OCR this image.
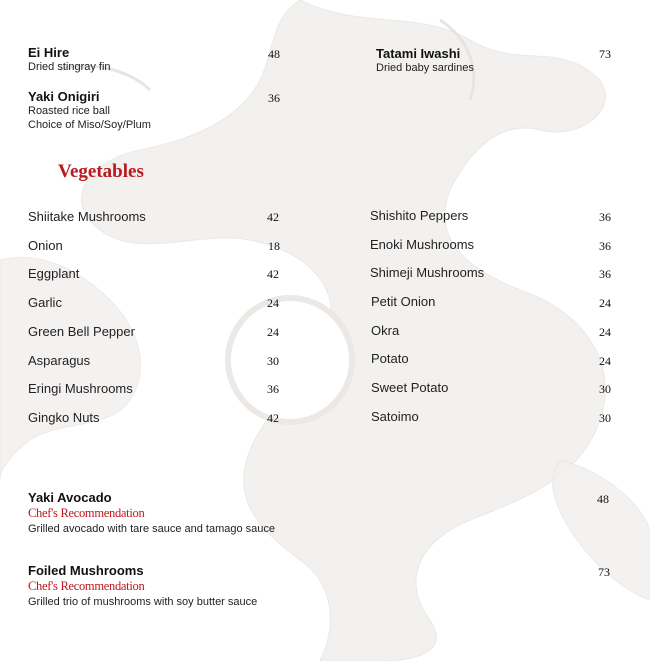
Ei Hire
Dried stingray fin
48
Yaki Onigiri
Roasted rice ball
Choice of Miso/Soy/Plum
36
Tatami Iwashi
Dried baby sardines
73
Vegetables
Shiitake Mushrooms	42
Onion	18
Eggplant	42
Garlic	24
Green Bell Pepper	24
Asparagus	30
Eringi Mushrooms	36
Gingko Nuts	42
Shishito Peppers	36
Enoki Mushrooms	36
Shimeji Mushrooms	36
Petit Onion	24
Okra	24
Potato	24
Sweet Potato	30
Satoimo	30
Yaki Avocado
Chef's Recommendation
Grilled avocado with tare sauce and tamago sauce
48
Foiled Mushrooms
Chef's Recommendation
Grilled trio of mushrooms with soy butter sauce
73
